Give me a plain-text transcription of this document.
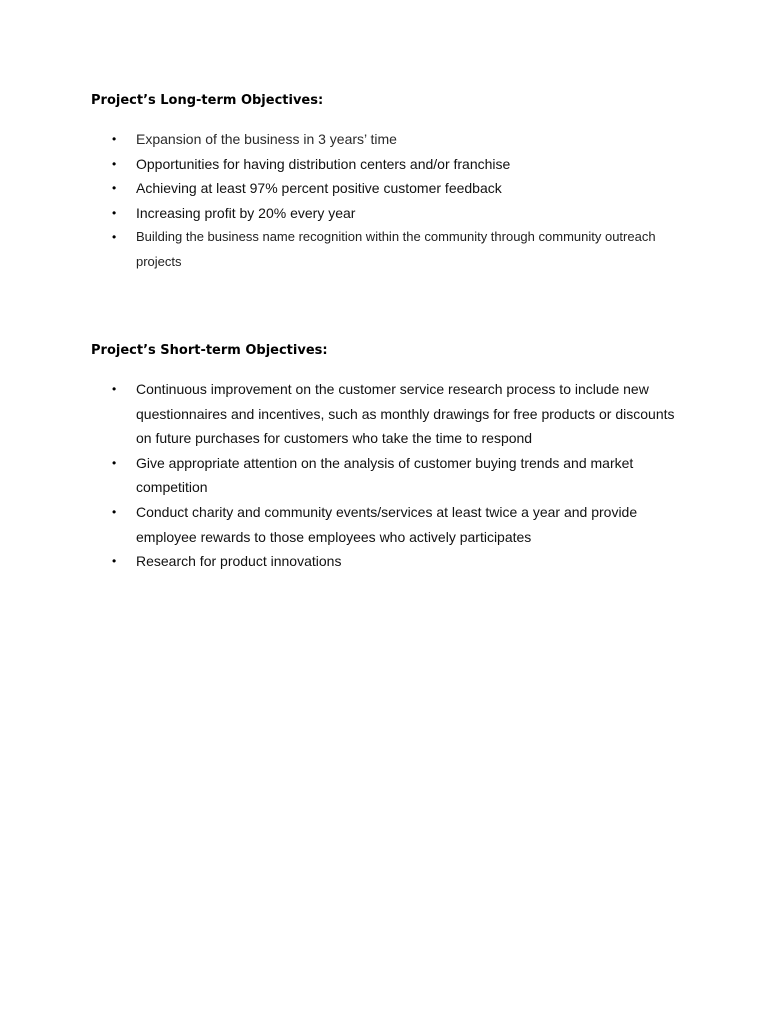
Project’s Long-term Objectives:
• Expansion of the business in 3 years’ time
• Opportunities for having distribution centers and/or franchise
• Achieving at least 97% percent positive customer feedback
• Increasing profit by 20% every year
• Building the business name recognition within the community through community outreach projects
Project’s Short-term Objectives:
• Continuous improvement on the customer service research process to include new questionnaires and incentives, such as monthly drawings for free products or discounts on future purchases for customers who take the time to respond
• Give appropriate attention on the analysis of customer buying trends and market competition
• Conduct charity and community events/services at least twice a year and provide employee rewards to those employees who actively participates
• Research for product innovations
